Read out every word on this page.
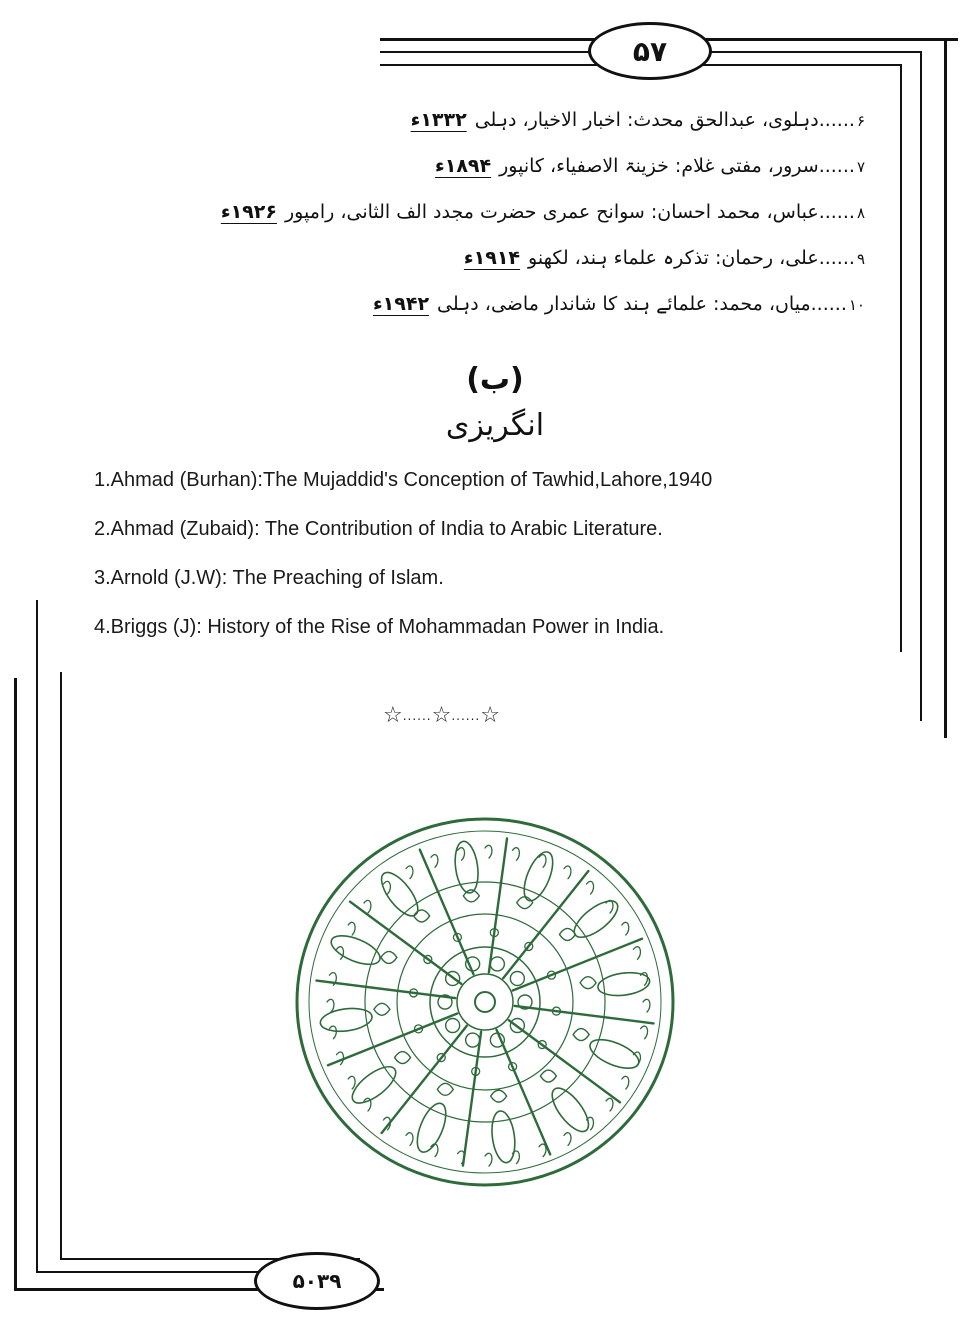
۵۷
۶......دہلوی، عبدالحق محدث: اخبار الاخیار، دہلی۱۳۳۲ء
۷......سرور، مفتی غلام: خزینۃ الاصفیاء، کانپور۱۸۹۴ء
۸......عباس، محمد احسان: سوانح عمری حضرت مجدد الف الثانی، رامپور۱۹۲۶ء
۹......علی، رحمان: تذکرہ علماء ہند، لکھنو۱۹۱۴ء
۱۰......میاں، محمد: علمائے ہند کا شاندار ماضی، دہلی۱۹۴۲ء
(ب)
انگریزی
1.Ahmad (Burhan):The Mujaddid's Conception of Tawhid,Lahore,1940
2.Ahmad (Zubaid): The Contribution of India to Arabic Literature.
3.Arnold (J.W): The Preaching of Islam.
4.Briggs (J): History of the Rise of Mohammadan Power in India.
☆......☆......☆
۵۰۳۹
